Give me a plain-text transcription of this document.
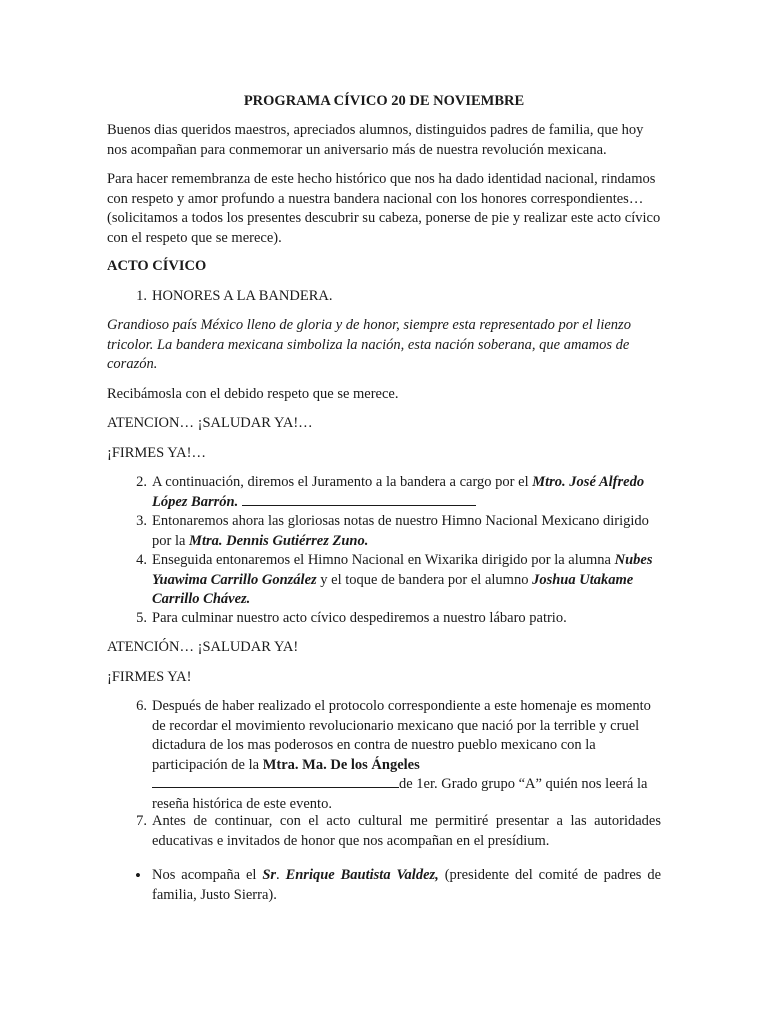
PROGRAMA CÍVICO 20 DE NOVIEMBRE

Buenos dias queridos maestros, apreciados alumnos, distinguidos padres de familia, que hoy nos acompañan para conmemorar un aniversario más de nuestra revolución mexicana.

Para hacer remembranza de este hecho histórico que nos ha dado identidad nacional, rindamos con respeto y amor profundo a nuestra bandera nacional con los honores correspondientes… (solicitamos a todos los presentes descubrir su cabeza, ponerse de pie y realizar este acto cívico con el respeto que se merece).

ACTO CÍVICO

1. HONORES A LA BANDERA.

Grandioso país México lleno de gloria y de honor, siempre esta representado por el lienzo tricolor. La bandera mexicana simboliza la nación, esta nación soberana, que amamos de corazón.

Recibámosla con el debido respeto que se merece.

ATENCION… ¡SALUDAR YA!…

¡FIRMES YA!…

2. A continuación, diremos el Juramento a la bandera a cargo por el Mtro. José Alfredo López Barrón.

3. Entonaremos ahora las gloriosas notas de nuestro Himno Nacional Mexicano dirigido por la Mtra. Dennis Gutiérrez Zuno.

4. Enseguida entonaremos el Himno Nacional en Wixarika dirigido por la alumna Nubes Yuawima Carrillo González y el toque de bandera por el alumno Joshua Utakame Carrillo Chávez.

5. Para culminar nuestro acto cívico despediremos a nuestro lábaro patrio.

ATENCIÓN… ¡SALUDAR YA!

¡FIRMES YA!

6. Después de haber realizado el protocolo correspondiente a este homenaje es momento de recordar el movimiento revolucionario mexicano que nació por la terrible y cruel dictadura de los mas poderosos en contra de nuestro pueblo mexicano con la participación de la Mtra. Ma. De los Ángeles
de 1er. Grado grupo “A” quién nos leerá la reseña histórica de este evento.

7. Antes de continuar, con el acto cultural me permitiré presentar a las autoridades educativas e invitados de honor que nos acompañan en el presídium.

• Nos acompaña el Sr. Enrique Bautista Valdez, (presidente del comité de padres de familia, Justo Sierra).
